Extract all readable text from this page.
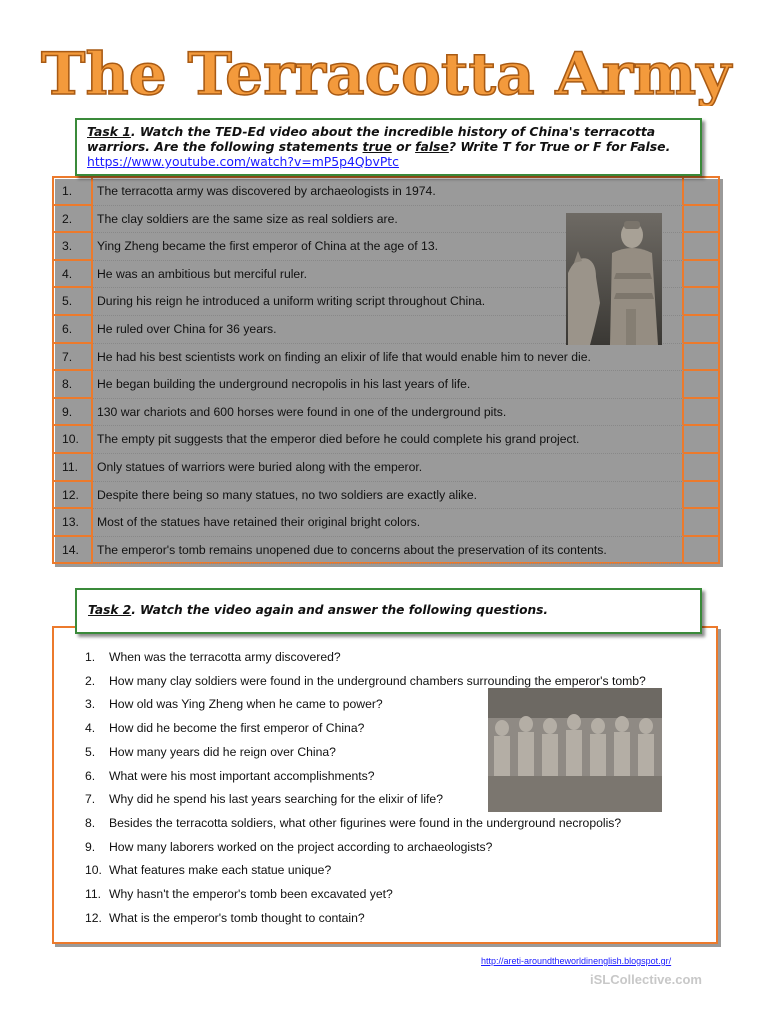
The Terracotta Army
Task 1. Watch the TED-Ed video about the incredible history of China's terracotta warriors. Are the following statements true or false? Write T for True or F for False.
https://www.youtube.com/watch?v=mP5p4QbvPtc
1.	The terracotta army was discovered by archaeologists in 1974.
2.	The clay soldiers are the same size as real soldiers are.
3.	Ying Zheng became the first emperor of China at the age of 13.
4.	He was an ambitious but merciful ruler.
5.	During his reign he introduced a uniform writing script throughout China.
6.	He ruled over China for 36 years.
7.	He had his best scientists work on finding an elixir of life that would enable him to never die.
8.	He began building the underground necropolis in his last years of life.
9.	130 war chariots and 600 horses were found in one of the underground pits.
10.	The empty pit suggests that the emperor died before he could complete his grand project.
11.	Only statues of warriors were buried along with the emperor.
12.	Despite there being so many statues, no two soldiers are exactly alike.
13.	Most of the statues have retained their original bright colors.
14.	The emperor's tomb remains unopened due to concerns about the preservation of its contents.
Task 2. Watch the video again and answer the following questions.
1. When was the terracotta army discovered?
2. How many clay soldiers were found in the underground chambers surrounding the emperor's tomb?
3. How old was Ying Zheng when he came to power?
4. How did he become the first emperor of China?
5. How many years did he reign over China?
6. What were his most important accomplishments?
7. Why did he spend his last years searching for the elixir of life?
8. Besides the terracotta soldiers, what other figurines were found in the underground necropolis?
9. How many laborers worked on the project according to archaeologists?
10. What features make each statue unique?
11. Why hasn't the emperor's tomb been excavated yet?
12. What is the emperor's tomb thought to contain?
http://areti-aroundtheworldinenglish.blogspot.gr/
iSLCollective.com
